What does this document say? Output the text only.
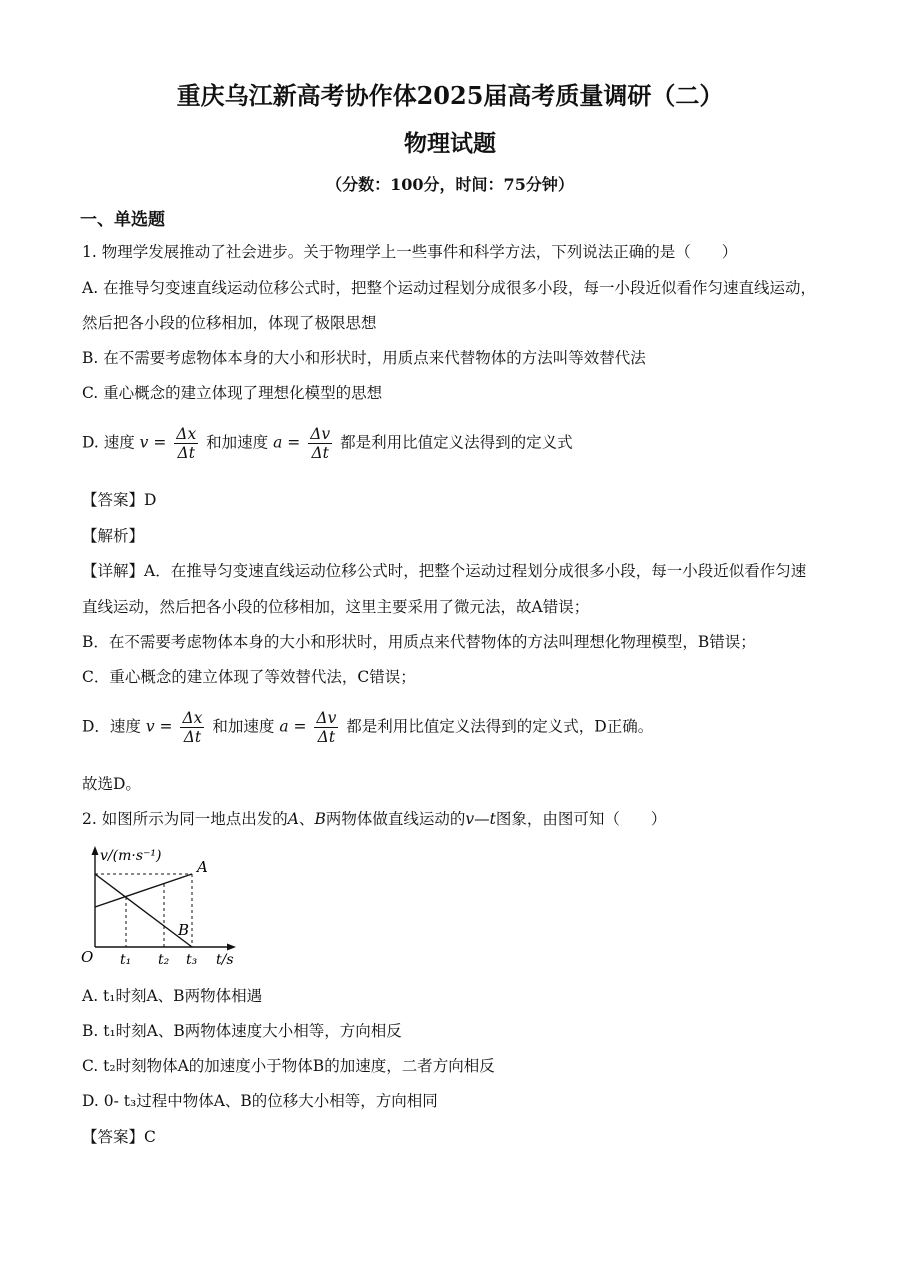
重庆乌江新高考协作体2025届高考质量调研（二）
物理试题
（分数：100分，时间：75分钟）
一、单选题
1. 物理学发展推动了社会进步。关于物理学上一些事件和科学方法，下列说法正确的是（　　）
A. 在推导匀变速直线运动位移公式时，把整个运动过程划分成很多小段，每一小段近似看作匀速直线运动，
然后把各小段的位移相加，体现了极限思想
B. 在不需要考虑物体本身的大小和形状时，用质点来代替物体的方法叫等效替代法
C. 重心概念的建立体现了理想化模型的思想
D. 速度 $v = \frac{\Delta x}{\Delta t}$ 和加速度 $a = \frac{\Delta v}{\Delta t}$ 都是利用比值定义法得到的定义式
【答案】D
【解析】
【详解】A．在推导匀变速直线运动位移公式时，把整个运动过程划分成很多小段，每一小段近似看作匀速
直线运动，然后把各小段的位移相加，这里主要采用了微元法，故A错误；
B．在不需要考虑物体本身的大小和形状时，用质点来代替物体的方法叫理想化物理模型，B错误；
C．重心概念的建立体现了等效替代法，C错误；
D．速度 $v = \frac{\Delta x}{\Delta t}$ 和加速度 $a = \frac{\Delta v}{\Delta t}$ 都是利用比值定义法得到的定义式，D正确。
故选D。
2. 如图所示为同一地点出发的A、B两物体做直线运动的v—t图象，由图可知（　　）
v/(m·s⁻¹)
A
B
O t₁ t₂ t₃ t/s
A. t₁时刻A、B两物体相遇
B. t₁时刻A、B两物体速度大小相等，方向相反
C. t₂时刻物体A的加速度小于物体B的加速度，二者方向相反
D. 0- t₃过程中物体A、B的位移大小相等，方向相同
【答案】C
